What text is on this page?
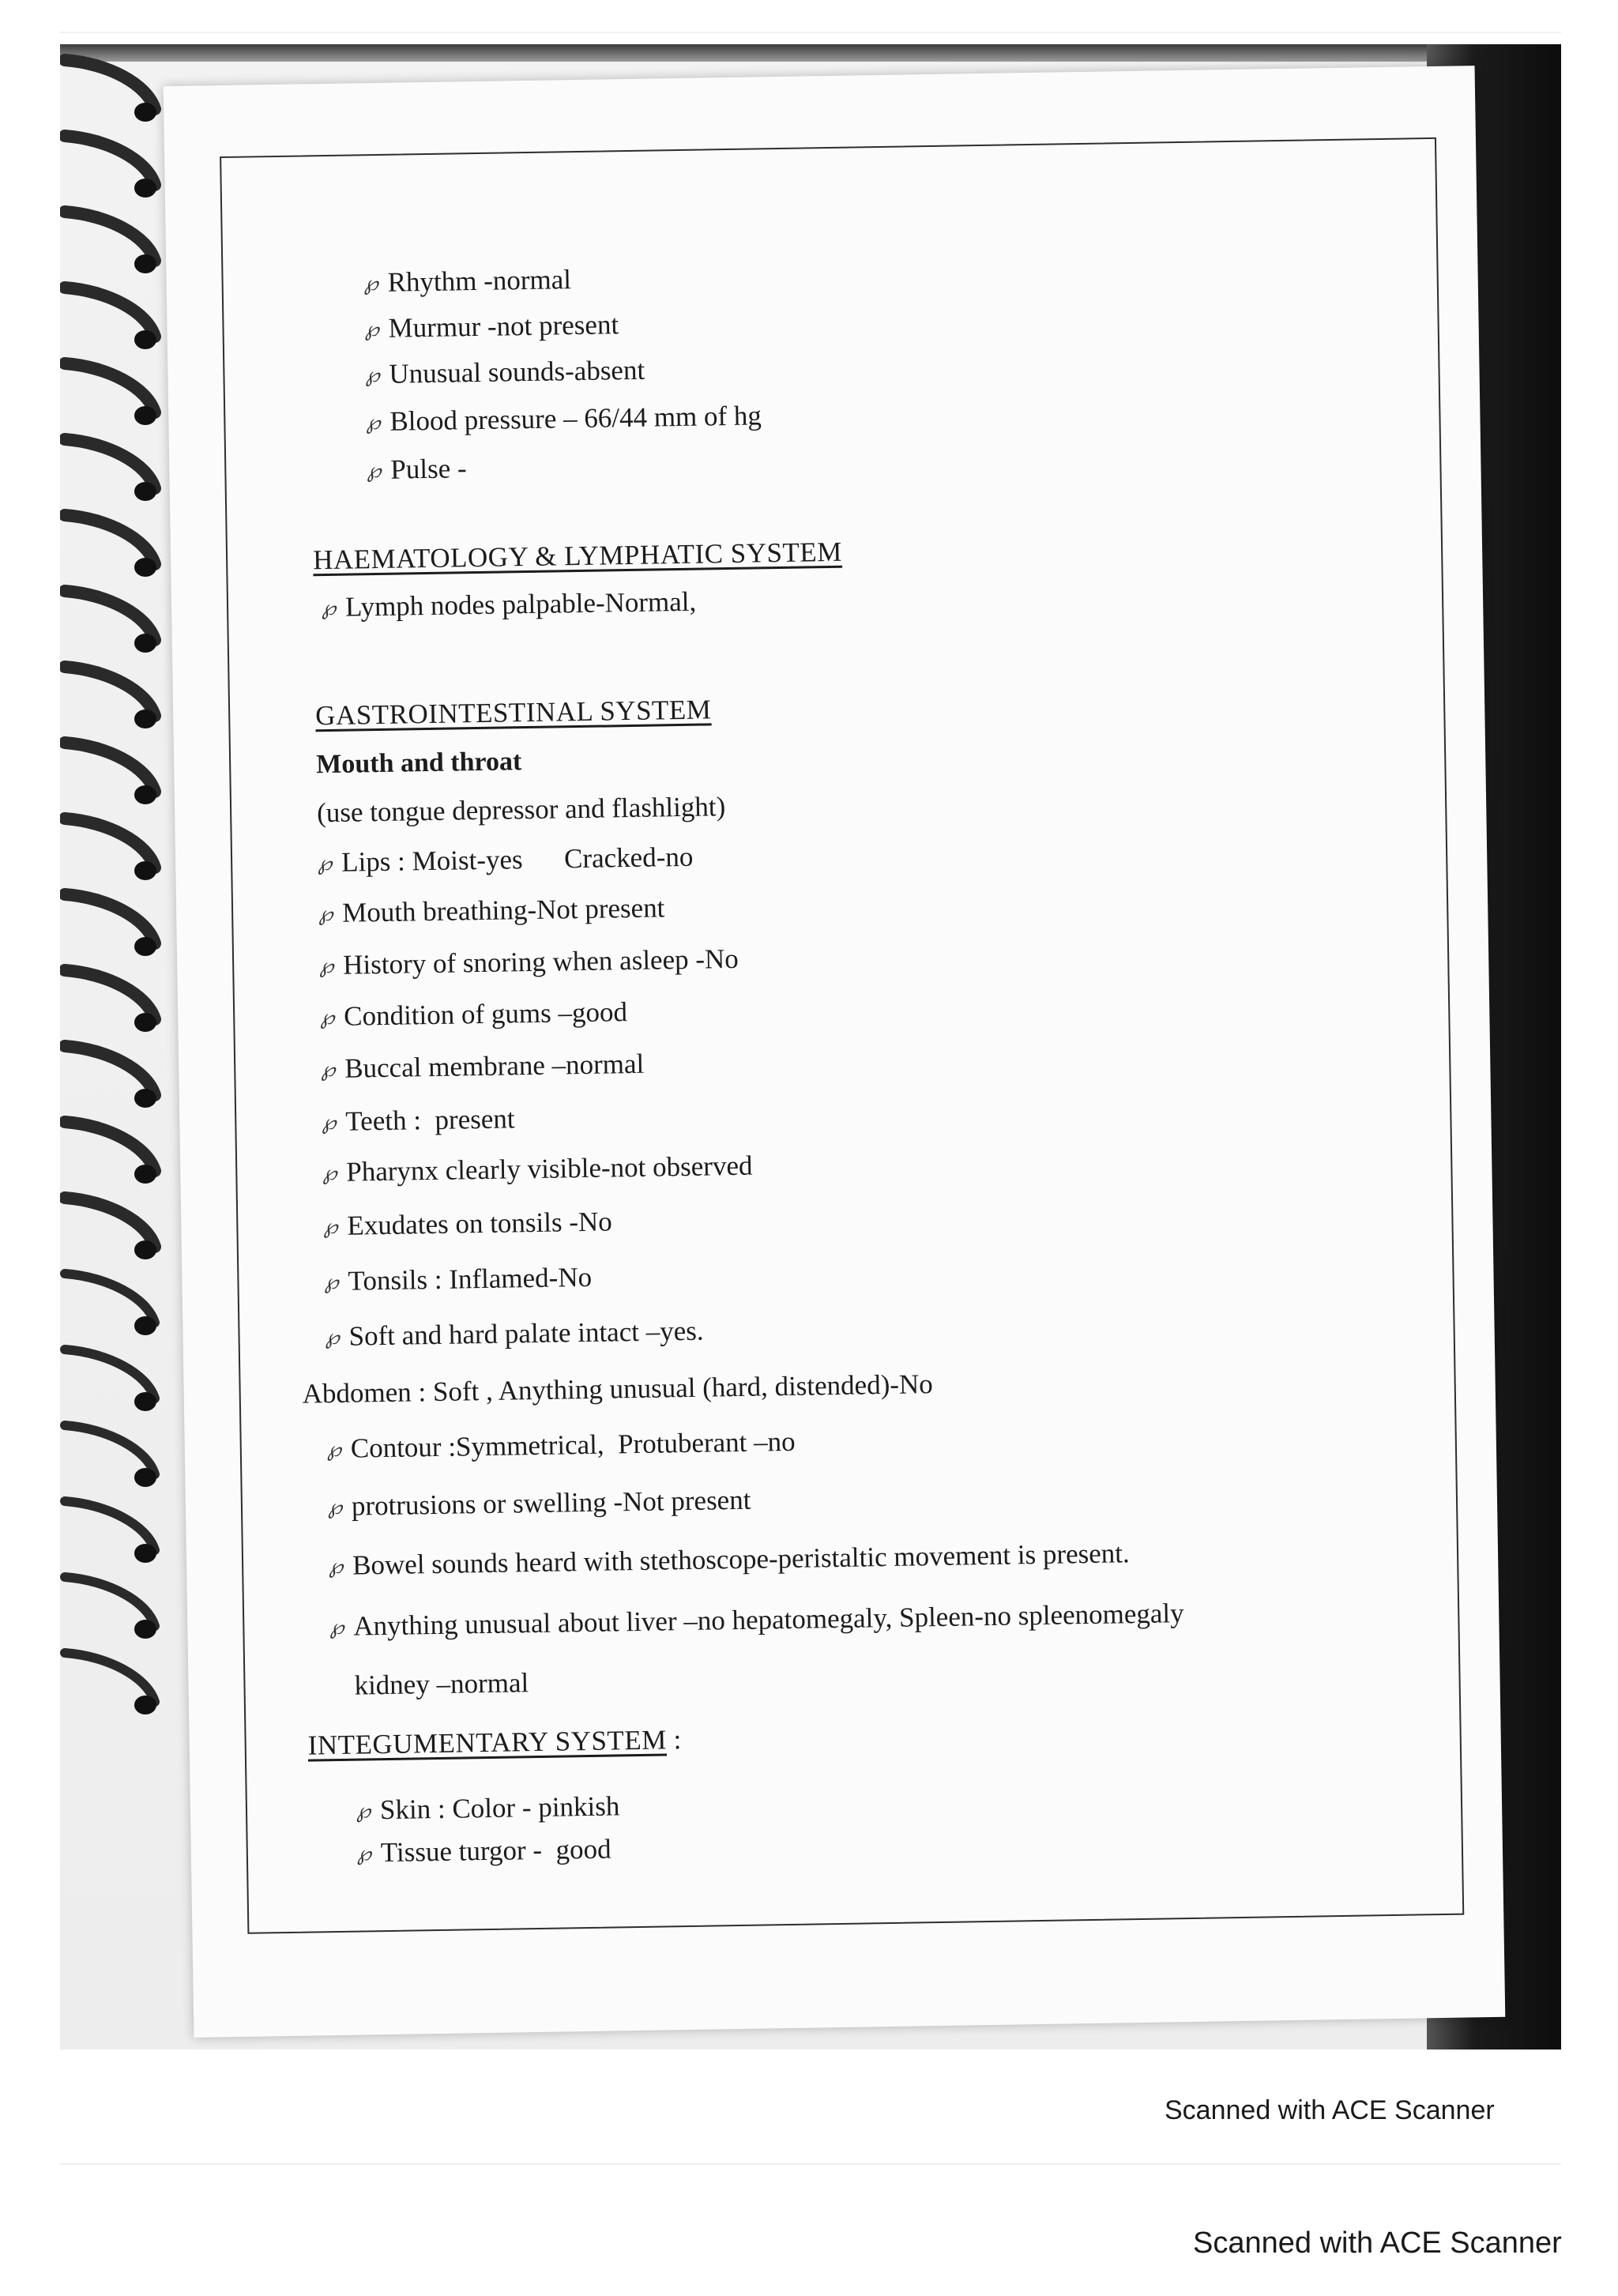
℘ Rhythm -normal
℘ Murmur -not present
℘ Unusual sounds-absent
℘ Blood pressure – 66/44 mm of hg
℘ Pulse -
HAEMATOLOGY & LYMPHATIC SYSTEM
℘ Lymph nodes palpable-Normal,
GASTROINTESTINAL SYSTEM
Mouth and throat
(use tongue depressor and flashlight)
℘ Lips : Moist-yes      Cracked-no
℘ Mouth breathing-Not present
℘ History of snoring when asleep -No
℘ Condition of gums –good
℘ Buccal membrane –normal
℘ Teeth :  present
℘ Pharynx clearly visible-not observed
℘ Exudates on tonsils -No
℘ Tonsils : Inflamed-No
℘ Soft and hard palate intact –yes.
Abdomen : Soft , Anything unusual (hard, distended)-No
℘ Contour :Symmetrical,  Protuberant –no
℘ protrusions or swelling -Not present
℘ Bowel sounds heard with stethoscope-peristaltic movement is present.
℘ Anything unusual about liver –no hepatomegaly, Spleen-no spleenomegaly
kidney –normal
INTEGUMENTARY SYSTEM :
℘ Skin : Color - pinkish
℘ Tissue turgor -  good
Scanned with ACE Scanner
Scanned with ACE Scanner
